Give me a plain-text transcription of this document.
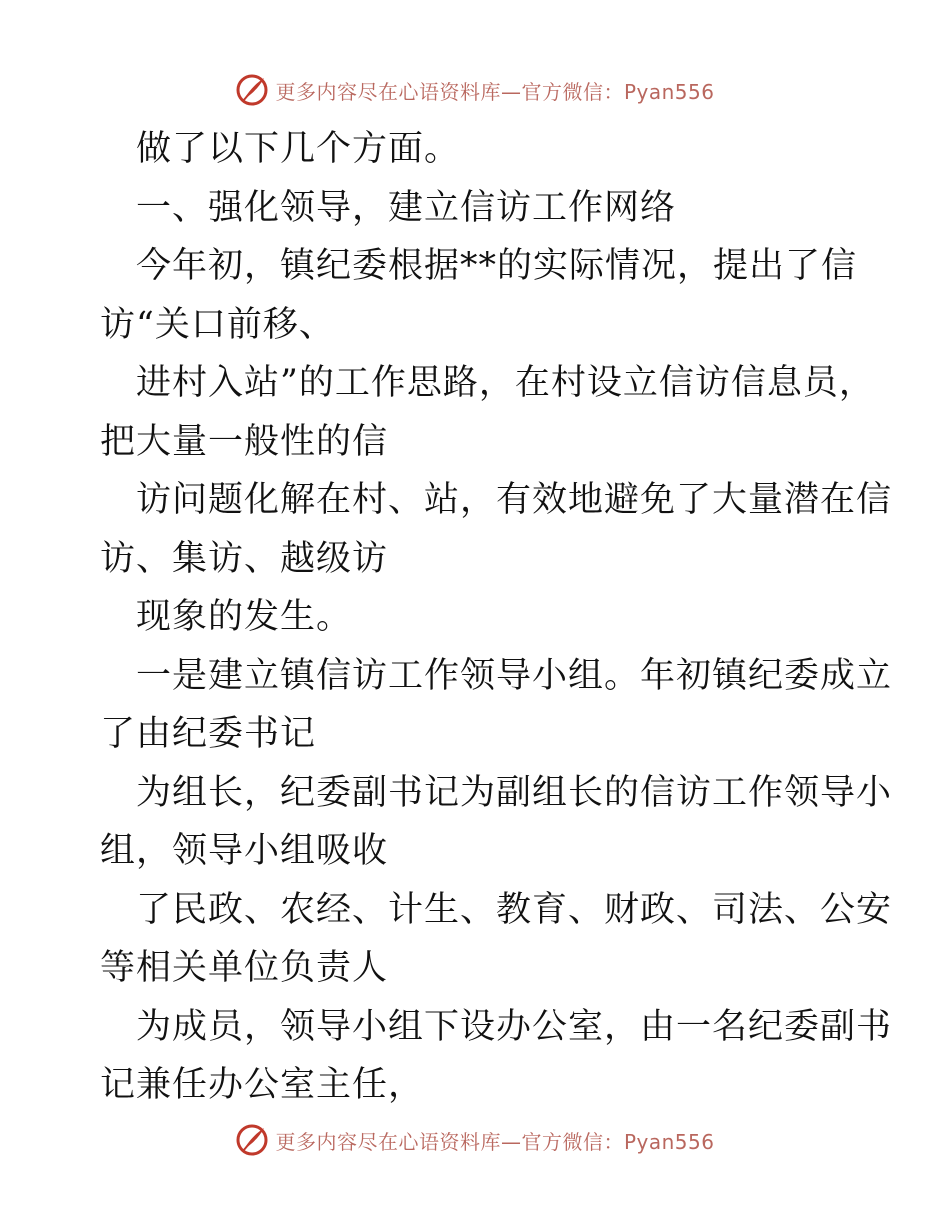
更多内容尽在心语资料库—官方微信：Pyan556
做了以下几个方面。
一、强化领导，建立信访工作网络
今年初，镇纪委根据**的实际情况，提出了信
访“关口前移、
进村入站”的工作思路，在村设立信访信息员，
把大量一般性的信
访问题化解在村、站，有效地避免了大量潜在信
访、集访、越级访
现象的发生。
一是建立镇信访工作领导小组。年初镇纪委成立
了由纪委书记
为组长，纪委副书记为副组长的信访工作领导小
组，领导小组吸收
了民政、农经、计生、教育、财政、司法、公安
等相关单位负责人
为成员，领导小组下设办公室，由一名纪委副书
记兼任办公室主任，
更多内容尽在心语资料库—官方微信：Pyan556
